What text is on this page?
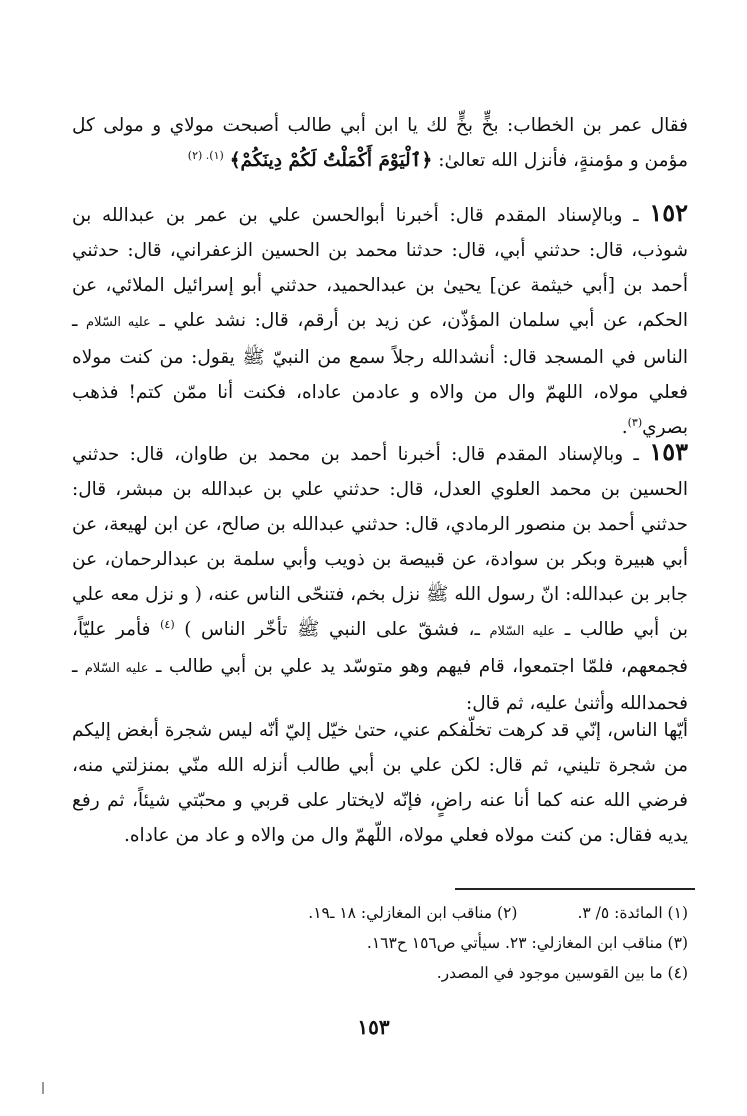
فقال عمر بن الخطاب: بخٍّ بخٍّ لك يا ابن أبي طالب أصبحت مولاي و مولى كل مؤمن و مؤمنةٍ، فأنزل الله تعالىٰ: ﴿ٱلْيَوْمَ أَكْمَلْتُ لَكُمْ دِينَكُمْ﴾ $^{(١). (٢)}$

١٥٢ ـ وبالإسناد المقدم قال: أخبرنا أبوالحسن علي بن عمر بن عبدالله بن شوذب، قال: حدثني أبي، قال: حدثنا محمد بن الحسين الزعفراني، قال: حدثني أحمد بن [أبي خيثمة عن] يحيىٰ بن عبدالحميد، حدثني أبو إسرائيل الملائي، عن الحكم، عن أبي سلمان المؤذّن، عن زيد بن أرقم، قال: نشد علي ـ عليه السّلام ـ الناس في المسجد قال: أنشدالله رجلاً سمع من النبيّ ﷺ يقول: من كنت مولاه فعلي مولاه، اللهمّ وال من والاه و عادمن عاداه، فكنت أنا ممّن كتم! فذهب بصري$^{(٣)}$.

١٥٣ ـ وبالإسناد المقدم قال: أخبرنا أحمد بن محمد بن طاوان، قال: حدثني الحسين بن محمد العلوي العدل، قال: حدثني علي بن عبدالله بن مبشر، قال: حدثني أحمد بن منصور الرمادي، قال: حدثني عبدالله بن صالح، عن ابن لهيعة، عن أبي هبيرة وبكر بن سوادة، عن قبيصة بن ذويب وأبي سلمة بن عبدالرحمان، عن جابر بن عبدالله: انّ رسول الله ﷺ نزل بخم، فتنحّى الناس عنه، ( و نزل معه علي بن أبي طالب ـ عليه السّلام ـ، فشقّ على النبي ﷺ تأخّر الناس ) $^{(٤)}$ فأمر عليّاً، فجمعهم، فلمّا اجتمعوا، قام فيهم وهو متوسّد يد علي بن أبي طالب ـ عليه السّلام ـ فحمدالله وأثنىٰ عليه، ثم قال:

أيّها الناس، إنّي قد كرهت تخلّفكم عني، حتىٰ خيّل إليّ أنّه ليس شجرة أبغض إليكم من شجرة تليني، ثم قال: لكن علي بن أبي طالب أنزله الله منّي بمنزلتي منه، فرضي الله عنه كما أنا عنه راضٍ، فإنّه لايختار على قربي و محبّتي شيئاً، ثم رفع يديه فقال: من كنت مولاه فعلي مولاه، اللّهمّ وال من والاه و عاد من عاداه.

(١) المائدة: ٥/ ٣.
(٢) مناقب ابن المغازلي: ١٨ ـ١٩.
(٣) مناقب ابن المغازلي: ٢٣. سيأتي ص١٥٦ ح١٦٣.
(٤) ما بين القوسين موجود في المصدر.
١٥٣
